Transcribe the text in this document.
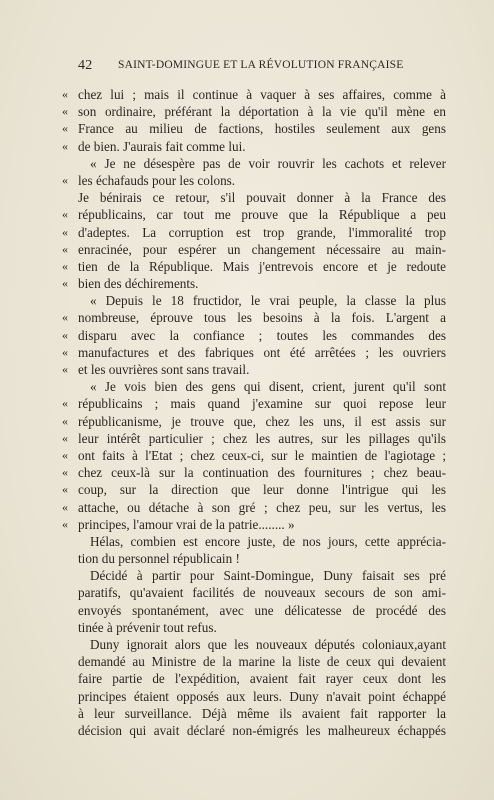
42 SAINT-DOMINGUE ET LA RÉVOLUTION FRANÇAISE
« chez lui ; mais il continue à vaquer à ses affaires, comme à
« son ordinaire, préférant la déportation à la vie qu'il mène en
« France au milieu de factions, hostiles seulement aux gens
« de bien. J'aurais fait comme lui.
« Je ne désespère pas de voir rouvrir les cachots et relever
« les échafauds pour les colons.
Je bénirais ce retour, s'il pouvait donner à la France des
« républicains, car tout me prouve que la République a peu
« d'adeptes. La corruption est trop grande, l'immoralité trop
« enracinée, pour espérer un changement nécessaire au main-
« tien de la République. Mais j'entrevois encore et je redoute
« bien des déchirements.
« Depuis le 18 fructidor, le vrai peuple, la classe la plus
« nombreuse, éprouve tous les besoins à la fois. L'argent a
« disparu avec la confiance ; toutes les commandes des
« manufactures et des fabriques ont été arrêtées ; les ouvriers
« et les ouvrières sont sans travail.
« Je vois bien des gens qui disent, crient, jurent qu'il sont
« républicains ; mais quand j'examine sur quoi repose leur
« républicanisme, je trouve que, chez les uns, il est assis sur
« leur intérêt particulier ; chez les autres, sur les pillages qu'ils
« ont faits à l'Etat ; chez ceux-ci, sur le maintien de l'agiotage ;
« chez ceux-là sur la continuation des fournitures ; chez beau-
« coup, sur la direction que leur donne l'intrigue qui les
« attache, ou détache à son gré ; chez peu, sur les vertus, les
« principes, l'amour vrai de la patrie........ »
Hélas, combien est encore juste, de nos jours, cette apprécia-
tion du personnel républicain !
Décidé à partir pour Saint-Domingue, Duny faisait ses pré
paratifs, qu'avaient facilités de nouveaux secours de son ami-
envoyés spontanément, avec une délicatesse de procédé des
tinée à prévenir tout refus.
Duny ignorait alors que les nouveaux députés coloniaux,ayant
demandé au Ministre de la marine la liste de ceux qui devaient
faire partie de l'expédition, avaient fait rayer ceux dont les
principes étaient opposés aux leurs. Duny n'avait point échappé
à leur surveillance. Déjà même ils avaient fait rapporter la
décision qui avait déclaré non-émigrés les malheureux échappés
